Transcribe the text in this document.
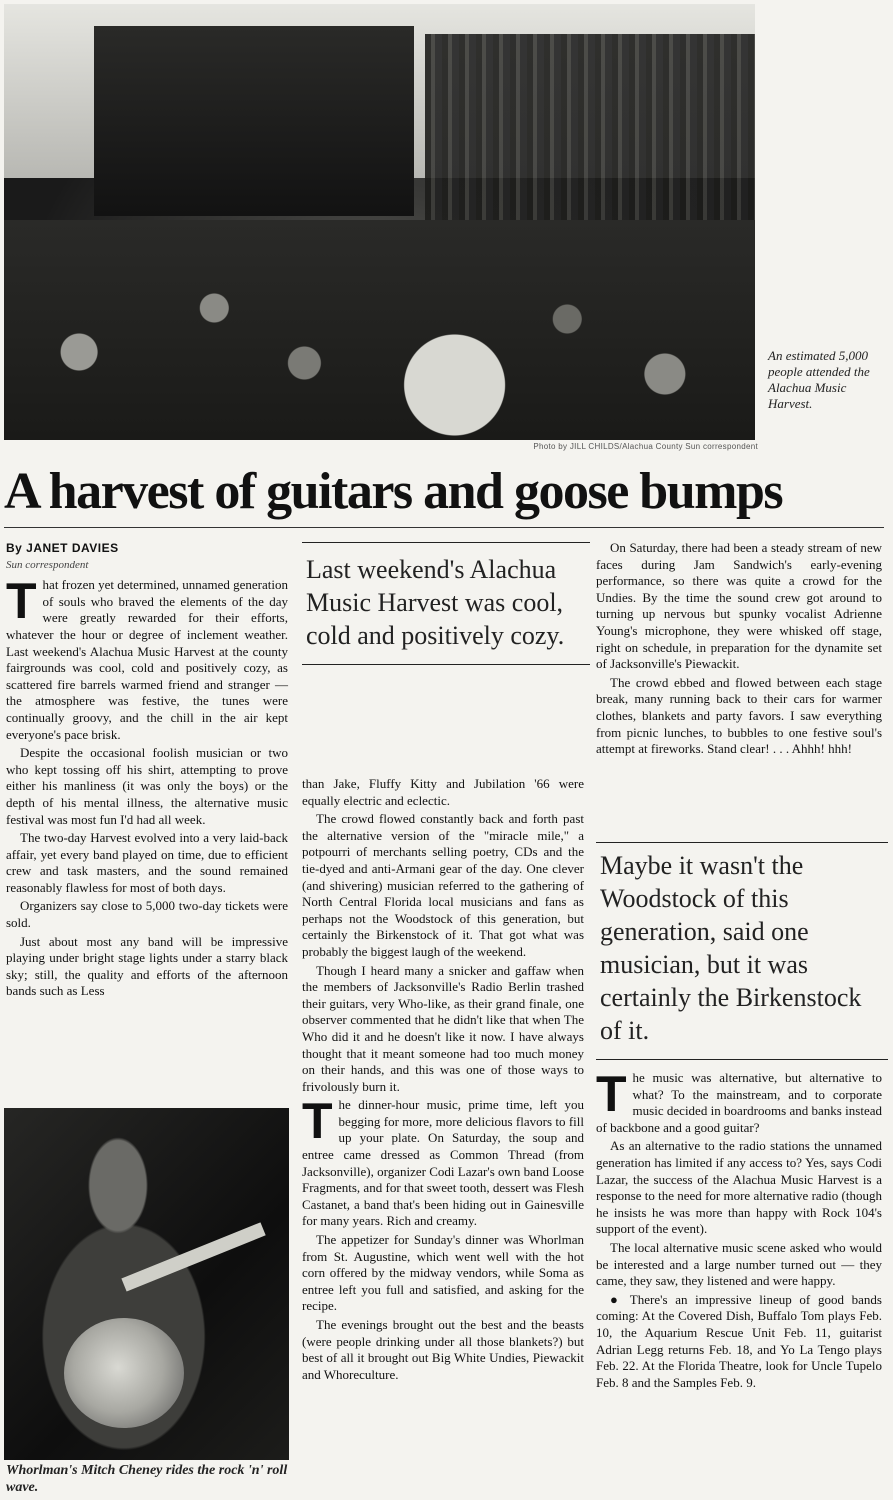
Photo by JILL CHILDS/Alachua County Sun correspondent
An estimated 5,000 people attended the Alachua Music Harvest.
A harvest of guitars and goose bumps
By JANET DAVIES
Sun correspondent

That frozen yet determined, unnamed generation of souls who braved the elements of the day were greatly rewarded for their efforts, whatever the hour or degree of inclement weather. Last weekend's Alachua Music Harvest at the county fairgrounds was cool, cold and positively cozy, as scattered fire barrels warmed friend and stranger — the atmosphere was festive, the tunes were continually groovy, and the chill in the air kept everyone's pace brisk.

Despite the occasional foolish musician or two who kept tossing off his shirt, attempting to prove either his manliness (it was only the boys) or the depth of his mental illness, the alternative music festival was most fun I'd had all week.

The two-day Harvest evolved into a very laid-back affair, yet every band played on time, due to efficient crew and task masters, and the sound remained reasonably flawless for most of both days.

Organizers say close to 5,000 two-day tickets were sold.

Just about most any band will be impressive playing under bright stage lights under a starry black sky; still, the quality and efforts of the afternoon bands such as Less

Last weekend's Alachua Music Harvest was cool, cold and positively cozy.

than Jake, Fluffy Kitty and Jubilation '66 were equally electric and eclectic.

The crowd flowed constantly back and forth past the alternative version of the "miracle mile," a potpourri of merchants selling poetry, CDs and the tie-dyed and anti-Armani gear of the day. One clever (and shivering) musician referred to the gathering of North Central Florida local musicians and fans as perhaps not the Woodstock of this generation, but certainly the Birkenstock of it. That got what was probably the biggest laugh of the weekend.

Though I heard many a snicker and gaffaw when the members of Jacksonville's Radio Berlin trashed their guitars, very Who-like, as their grand finale, one observer commented that he didn't like that when The Who did it and he doesn't like it now. I have always thought that it meant someone had too much money on their hands, and this was one of those ways to frivolously burn it.

The dinner-hour music, prime time, left you begging for more, more delicious flavors to fill up your plate. On Saturday, the soup and entree came dressed as Common Thread (from Jacksonville), organizer Codi Lazar's own band Loose Fragments, and for that sweet tooth, dessert was Flesh Castanet, a band that's been hiding out in Gainesville for many years. Rich and creamy.

The appetizer for Sunday's dinner was Whorlman from St. Augustine, which went well with the hot corn offered by the midway vendors, while Soma as entree left you full and satisfied, and asking for the recipe.

The evenings brought out the best and the beasts (were people drinking under all those blankets?) but best of all it brought out Big White Undies, Piewackit and Whoreculture.

On Saturday, there had been a steady stream of new faces during Jam Sandwich's early-evening performance, so there was quite a crowd for the Undies. By the time the sound crew got around to turning up nervous but spunky vocalist Adrienne Young's microphone, they were whisked off stage, right on schedule, in preparation for the dynamite set of Jacksonville's Piewackit.

The crowd ebbed and flowed between each stage break, many running back to their cars for warmer clothes, blankets and party favors. I saw everything from picnic lunches, to bubbles to one festive soul's attempt at fireworks. Stand clear! . . . Ahhh! hhh!

Maybe it wasn't the Woodstock of this generation, said one musician, but it was certainly the Birkenstock of it.

The music was alternative, but alternative to what? To the mainstream, and to corporate music decided in boardrooms and banks instead of backbone and a good guitar?

As an alternative to the radio stations the unnamed generation has limited if any access to? Yes, says Codi Lazar, the success of the Alachua Music Harvest is a response to the need for more alternative radio (though he insists he was more than happy with Rock 104's support of the event).

The local alternative music scene asked who would be interested and a large number turned out — they came, they saw, they listened and were happy.

● There's an impressive lineup of good bands coming: At the Covered Dish, Buffalo Tom plays Feb. 10, the Aquarium Rescue Unit Feb. 11, guitarist Adrian Legg returns Feb. 18, and Yo La Tengo plays Feb. 22. At the Florida Theatre, look for Uncle Tupelo Feb. 8 and the Samples Feb. 9.

Whorlman's Mitch Cheney rides the rock 'n' roll wave.
